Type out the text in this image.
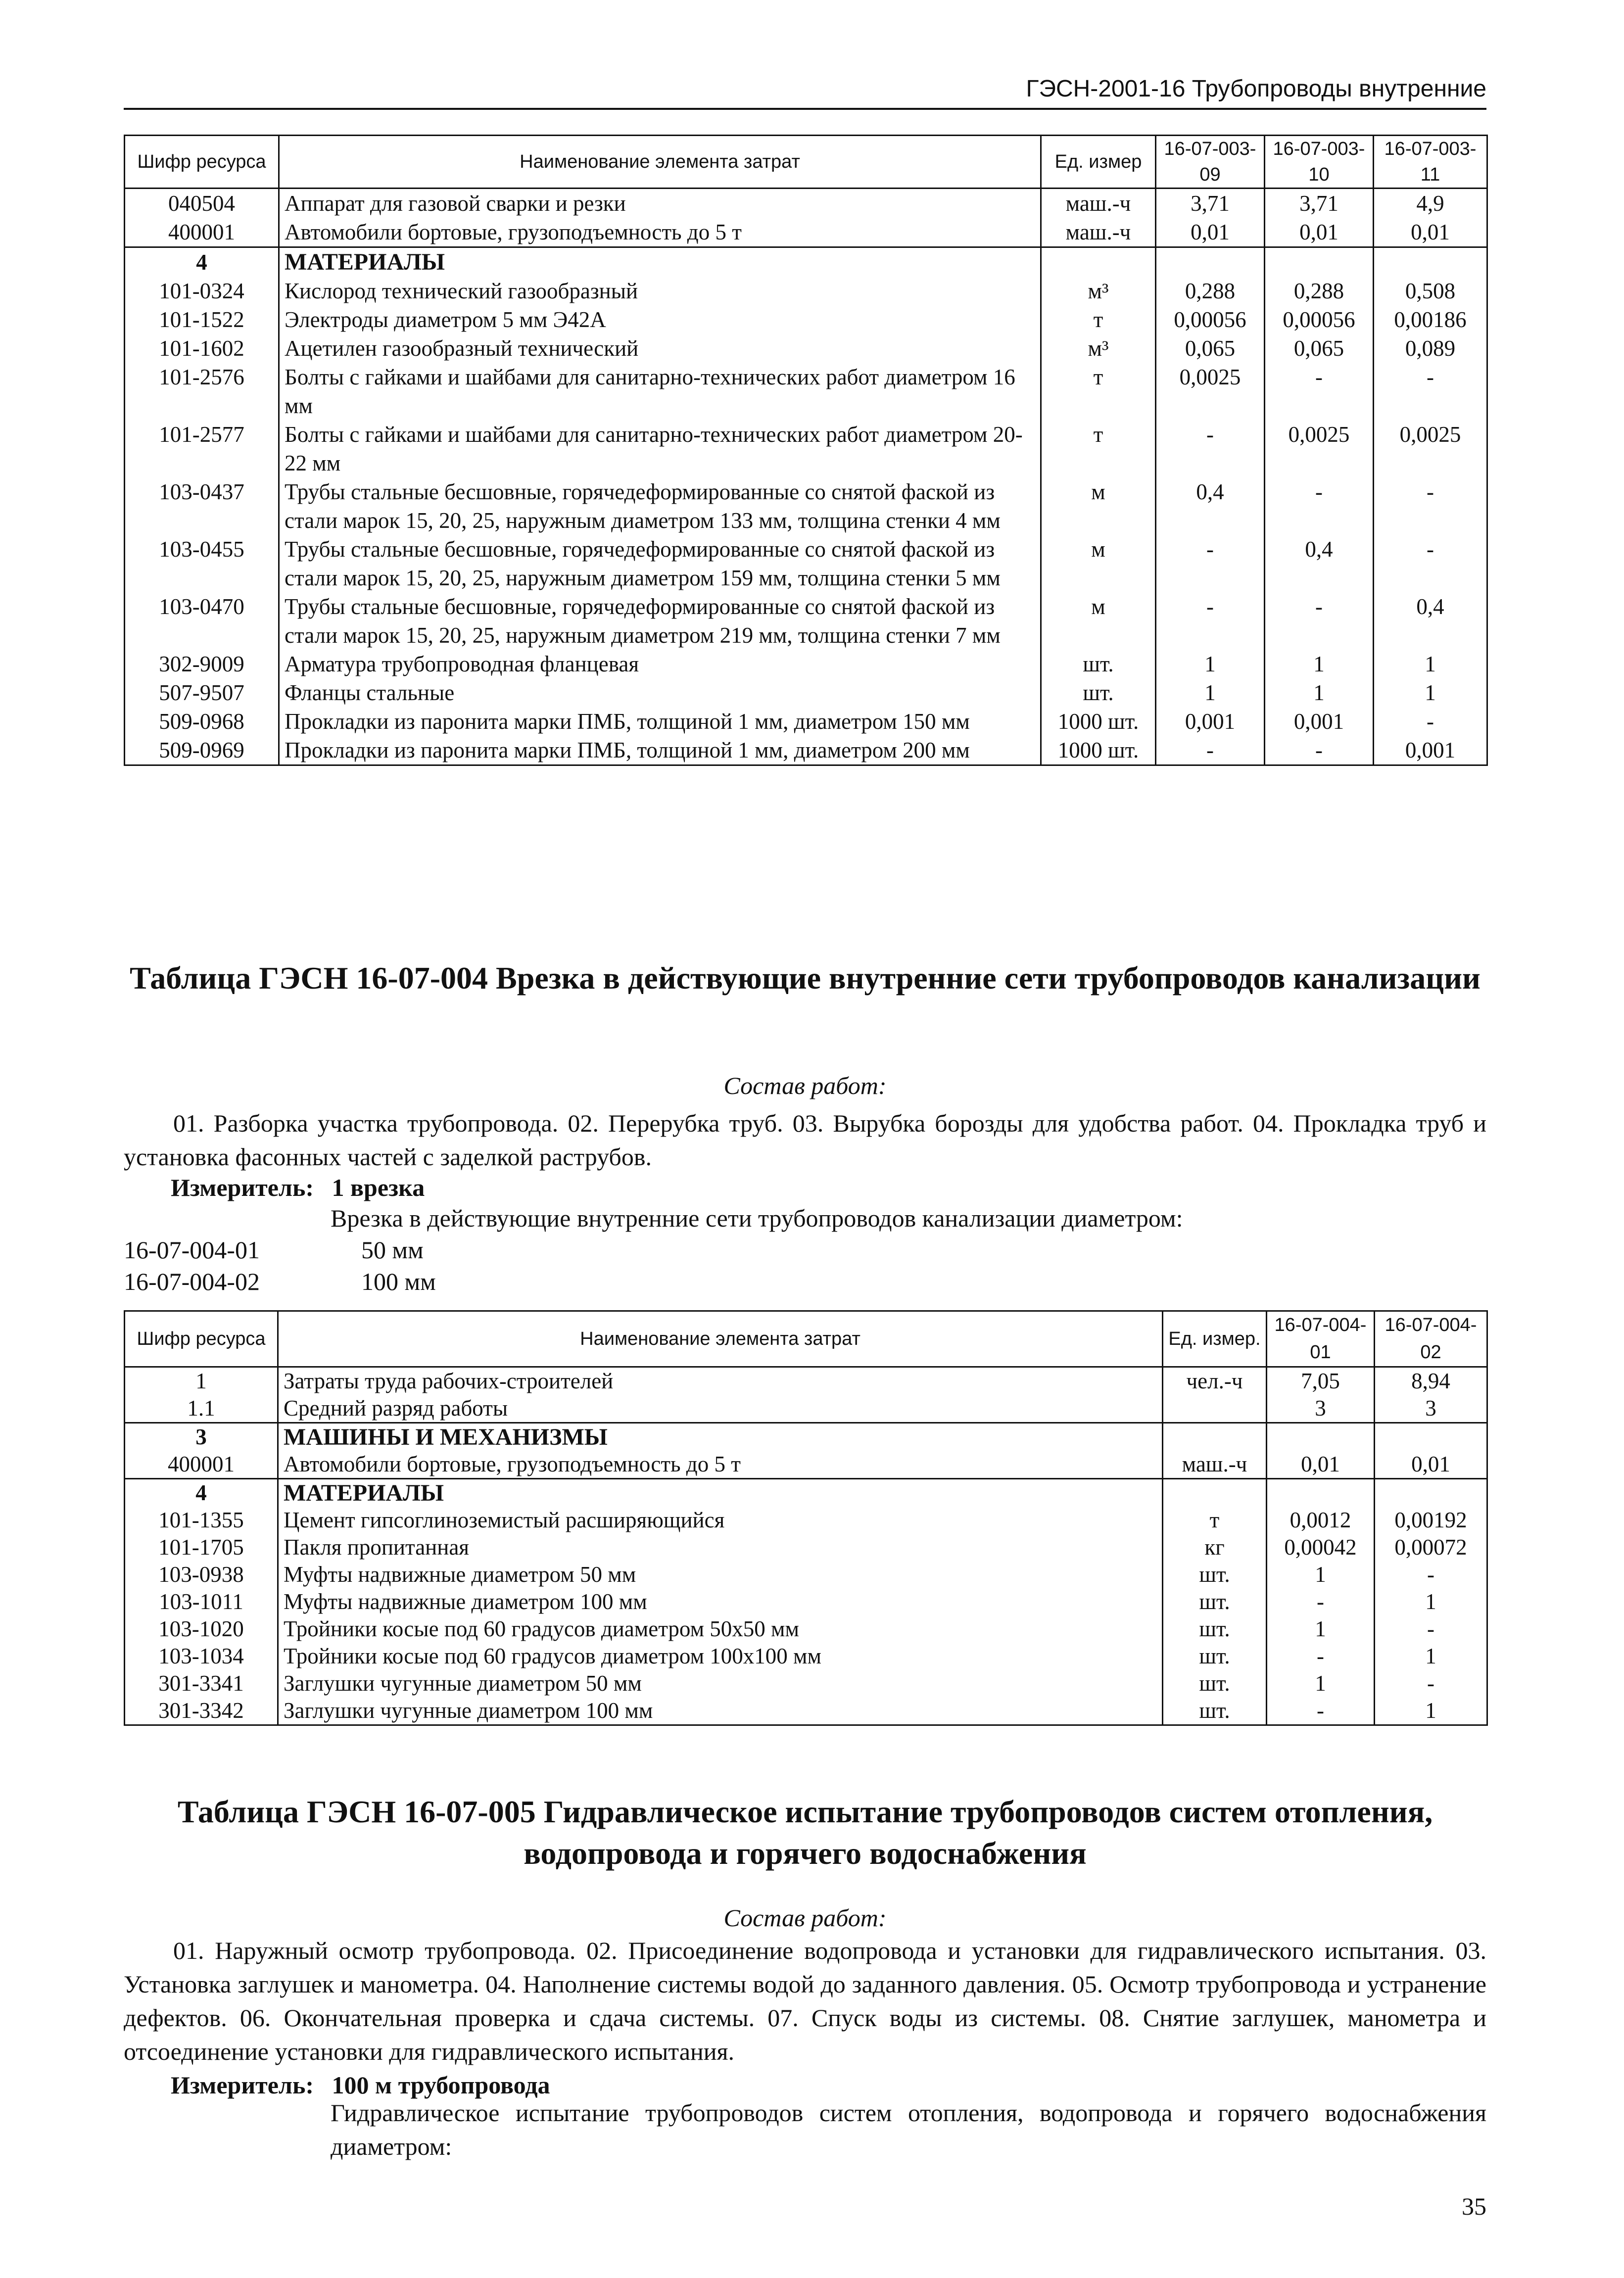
ГЭСН-2001-16 Трубопроводы внутренние
Шифр ресурса	Наименование элемента затрат	Ед. измер	16-07-003-09	16-07-003-10	16-07-003-11
040504	Аппарат для газовой сварки и резки	маш.-ч	3,71	3,71	4,9
400001	Автомобили бортовые, грузоподъемность до 5 т	маш.-ч	0,01	0,01	0,01
4	МАТЕРИАЛЫ				
101-0324	Кислород технический газообразный	м³	0,288	0,288	0,508
101-1522	Электроды диаметром 5 мм Э42А	т	0,00056	0,00056	0,00186
101-1602	Ацетилен газообразный технический	м³	0,065	0,065	0,089
101-2576	Болты с гайками и шайбами для санитарно-технических работ диаметром 16 мм	т	0,0025	-	-
101-2577	Болты с гайками и шайбами для санитарно-технических работ диаметром 20-22 мм	т	-	0,0025	0,0025
103-0437	Трубы стальные бесшовные, горячедеформированные со снятой фаской из стали марок 15, 20, 25, наружным диаметром 133 мм, толщина стенки 4 мм	м	0,4	-	-
103-0455	Трубы стальные бесшовные, горячедеформированные со снятой фаской из стали марок 15, 20, 25, наружным диаметром 159 мм, толщина стенки 5 мм	м	-	0,4	-
103-0470	Трубы стальные бесшовные, горячедеформированные со снятой фаской из стали марок 15, 20, 25, наружным диаметром 219 мм, толщина стенки 7 мм	м	-	-	0,4
302-9009	Арматура трубопроводная фланцевая	шт.	1	1	1
507-9507	Фланцы стальные	шт.	1	1	1
509-0968	Прокладки из паронита марки ПМБ, толщиной 1 мм, диаметром 150 мм	1000 шт.	0,001	0,001	-
509-0969	Прокладки из паронита марки ПМБ, толщиной 1 мм, диаметром 200 мм	1000 шт.	-	-	0,001
Таблица ГЭСН 16-07-004 Врезка в действующие внутренние сети трубопроводов канализации
Состав работ:
01. Разборка участка трубопровода. 02. Перерубка труб. 03. Вырубка борозды для удобства работ. 04. Прокладка труб и установка фасонных частей с заделкой раструбов.
Измеритель: 1 врезка
Врезка в действующие внутренние сети трубопроводов канализации диаметром:
16-07-004-01	50 мм
16-07-004-02	100 мм
Шифр ресурса	Наименование элемента затрат	Ед. измер.	16-07-004-01	16-07-004-02
1	Затраты труда рабочих-строителей	чел.-ч	7,05	8,94
1.1	Средний разряд работы		3	3
3	МАШИНЫ И МЕХАНИЗМЫ			
400001	Автомобили бортовые, грузоподъемность до 5 т	маш.-ч	0,01	0,01
4	МАТЕРИАЛЫ			
101-1355	Цемент гипсоглиноземистый расширяющийся	т	0,0012	0,00192
101-1705	Пакля пропитанная	кг	0,00042	0,00072
103-0938	Муфты надвижные диаметром 50 мм	шт.	1	-
103-1011	Муфты надвижные диаметром 100 мм	шт.	-	1
103-1020	Тройники косые под 60 градусов диаметром 50х50 мм	шт.	1	-
103-1034	Тройники косые под 60 градусов диаметром 100х100 мм	шт.	-	1
301-3341	Заглушки чугунные диаметром 50 мм	шт.	1	-
301-3342	Заглушки чугунные диаметром 100 мм	шт.	-	1
Таблица ГЭСН 16-07-005 Гидравлическое испытание трубопроводов систем отопления, водопровода и горячего водоснабжения
Состав работ:
01. Наружный осмотр трубопровода. 02. Присоединение водопровода и установки для гидравлического испытания. 03. Установка заглушек и манометра. 04. Наполнение системы водой до заданного давления. 05. Осмотр трубопровода и устранение дефектов. 06. Окончательная проверка и сдача системы. 07. Спуск воды из системы. 08. Снятие заглушек, манометра и отсоединение установки для гидравлического испытания.
Измеритель: 100 м трубопровода
Гидравлическое испытание трубопроводов систем отопления, водопровода и горячего водоснабжения диаметром:
35
